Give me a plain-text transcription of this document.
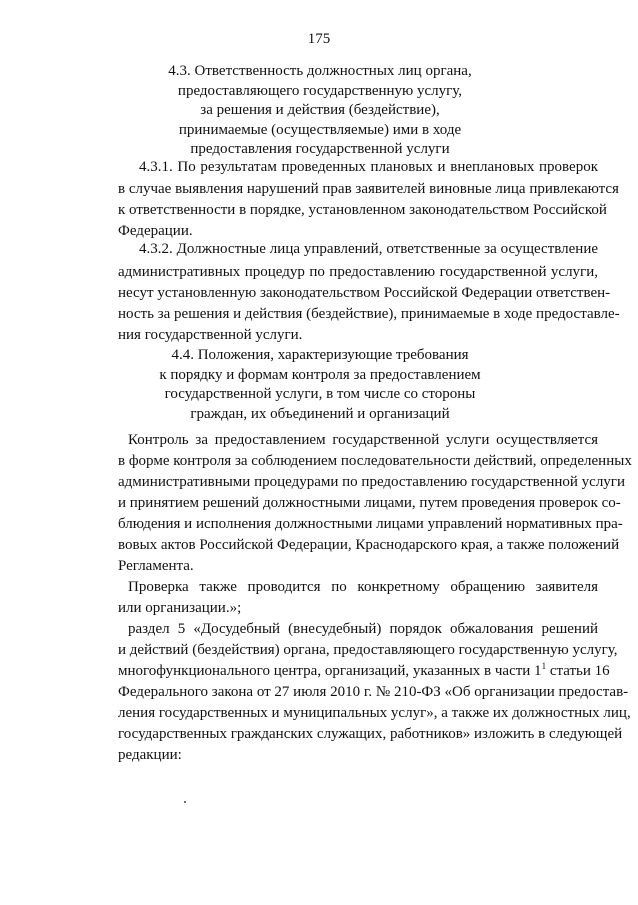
175
4.3. Ответственность должностных лиц органа,
предоставляющего государственную услугу,
за решения и действия (бездействие),
принимаемые (осуществляемые) ими в ходе
предоставления государственной услуги
4.3.1. По результатам проведенных плановых и внеплановых проверок
в случае выявления нарушений прав заявителей виновные лица привлекаются
к ответственности в порядке, установленном законодательством Российской
Федерации.
4.3.2. Должностные лица управлений, ответственные за осуществление
административных процедур по предоставлению государственной услуги,
несут установленную законодательством Российской Федерации ответствен-
ность за решения и действия (бездействие), принимаемые в ходе предоставле-
ния государственной услуги.
4.4. Положения, характеризующие требования
к порядку и формам контроля за предоставлением
государственной услуги, в том числе со стороны
граждан, их объединений и организаций
Контроль за предоставлением государственной услуги осуществляется
в форме контроля за соблюдением последовательности действий, определенных
административными процедурами по предоставлению государственной услуги
и принятием решений должностными лицами, путем проведения проверок со-
блюдения и исполнения должностными лицами управлений нормативных пра-
вовых актов Российской Федерации, Краснодарского края, а также положений
Регламента.
Проверка также проводится по конкретному обращению заявителя
или организации.»;
раздел 5 «Досудебный (внесудебный) порядок обжалования решений
и действий (бездействия) органа, предоставляющего государственную услугу,
многофункционального центра, организаций, указанных в части $1^1$ статьи 16
Федерального закона от 27 июля 2010 г. № 210-ФЗ «Об организации предостав-
ления государственных и муниципальных услуг», а также их должностных лиц,
государственных гражданских служащих, работников» изложить в следующей
редакции:
